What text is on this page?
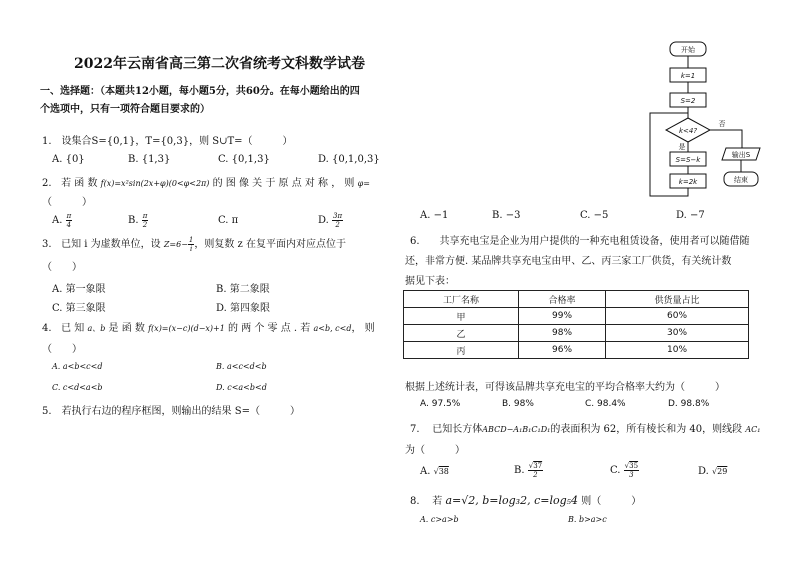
2022年云南省高三第二次省统考文科数学试卷
一、选择题：（本题共12小题，每小题5分，共60分。在每小题给出的四
个选项中，只有一项符合题目要求的）
1.　设集合S={0,1}，T={0,3}，则 S∪T=（　　　）
A. {0}	B. {1,3}	C. {0,1,3}	D. {0,1,0,3}
2. 若 函 数 f(x)=x²sin(2x+φ)(0<φ<2π) 的 图 像 关 于 原 点 对 称 ， 则 φ=
（　　　）
A. $\frac{\pi}{4}$	B. $\frac{\pi}{2}$	C. π	D. $\frac{3\pi}{2}$
3. 已知 i 为虚数单位，设 $Z=6- \frac{1}{i}$ ，则复数 z 在复平面内对应点位于
（　　）
A. 第一象限	B. 第二象限
C. 第三象限	D. 第四象限
4. 已 知 a、b 是 函 数 f(x)=(x−c)(d−x)+1 的 两 个 零 点 . 若 a<b, c<d， 则
（　　）
A. a<b<c<d	B. a<c<d<b
C. c<d<a<b	D. c<a<b<d
5.　若执行右边的程序框图，则输出的结果 S=（　　　）
开始
k=1
S=2
k<4?
是
否
S=S−k
k=2k
输出S
结束
A. −1	B. −3	C. −5	D. −7
6.　　共享充电宝是企业为用户提供的一种充电租赁设备，使用者可以随借随
还，非常方便. 某品牌共享充电宝由甲、乙、丙三家工厂供货，有关统计数
据见下表：
工厂名称	合格率	供货量占比
甲	99%	60%
乙	98%	30%
丙	96%	10%
根据上述统计表，可得该品牌共享充电宝的平均合格率大约为（　　　）
A. 97.5%	B. 98%	C. 98.4%	D. 98.8%
7. 已知长方体ABCD−A₁B₁C₁D₁的表面积为 62，所有棱长和为 40，则线段 AC₁
为（　　　）
A. √38	B. $\frac{√37}{2}$	C. $\frac{√35}{3}$	D. √29
8. 若 a=√2, b=log₃2, c=log₅4 则（　　　）
A. c>a>b	B. b>a>c
